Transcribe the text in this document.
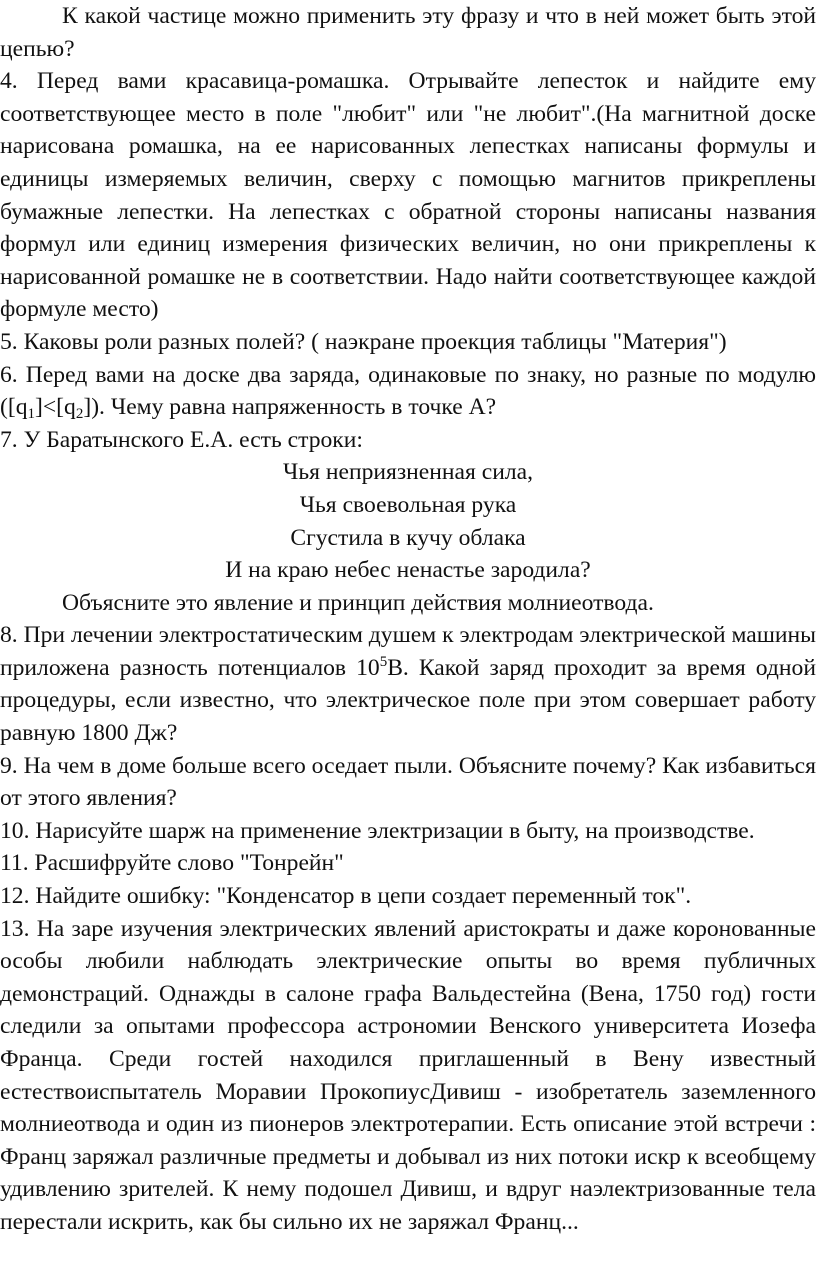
К какой частице можно применить эту фразу и что в ней может быть этой цепью?

4. Перед вами красавица-ромашка. Отрывайте лепесток и найдите ему соответствующее место в поле "любит" или "не любит".(На магнитной доске нарисована ромашка, на ее нарисованных лепестках написаны формулы и единицы измеряемых величин, сверху с помощью магнитов прикреплены бумажные лепестки. На лепестках с обратной стороны написаны названия формул или единиц измерения физических величин, но они прикреплены к нарисованной ромашке не в соответствии. Надо найти соответствующее каждой формуле место)

5. Каковы роли разных полей? ( наэкране проекция таблицы "Материя")

6. Перед вами на доске два заряда, одинаковые по знаку, но разные по модулю $([q_1]<[q_2])$. Чему равна напряженность в точке А?

7. У Баратынского Е.А. есть строки:

Чья неприязненная сила,

Чья своевольная рука

Сгустила в кучу облака

И на краю небес ненастье зародила?

Объясните это явление и принцип действия молниеотвода.

8. При лечении электростатическим душем к электродам электрической машины приложена разность потенциалов $10^5В$. Какой заряд проходит за время одной процедуры, если известно, что электрическое поле при этом совершает работу равную 1800 Дж?

9. На чем в доме больше всего оседает пыли. Объясните почему? Как избавиться от этого явления?

10. Нарисуйте шарж на применение электризации в быту, на производстве.

11. Расшифруйте слово "Тонрейн"

12. Найдите ошибку: "Конденсатор в цепи создает переменный ток".

13. На заре изучения электрических явлений аристократы и даже коронованные особы любили наблюдать электрические опыты во время публичных демонстраций. Однажды в салоне графа Вальдестейна (Вена, 1750 год) гости следили за опытами профессора астрономии Венского университета Иозефа Франца. Среди гостей находился приглашенный в Вену известный естествоиспытатель Моравии ПрокопиусДивиш - изобретатель заземленного молниеотвода и один из пионеров электротерапии. Есть описание этой встречи : Франц заряжал различные предметы и добывал из них потоки искр к всеобщему удивлению зрителей. К нему подошел Дивиш, и вдруг наэлектризованные тела перестали искрить, как бы сильно их не заряжал Франц...
